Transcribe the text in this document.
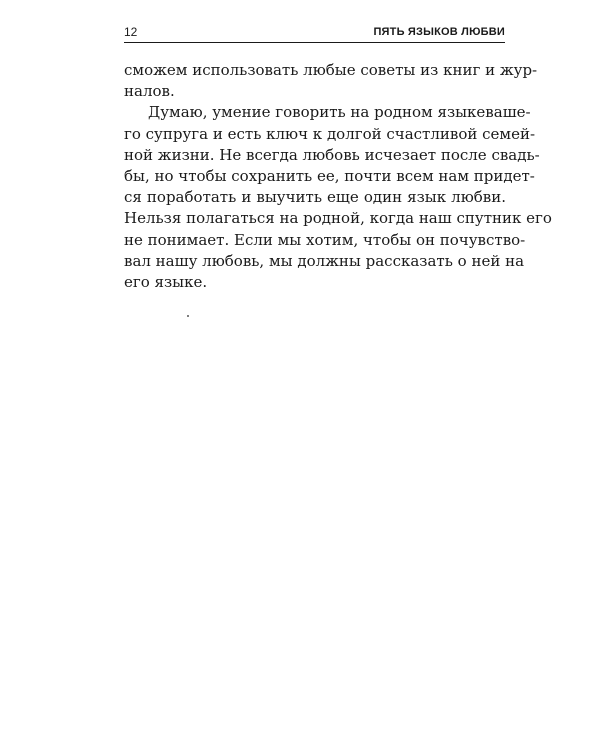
12	ПЯТЬ ЯЗЫКОВ ЛЮБВИ
сможем использовать любые советы из книг и жур-
налов.
Думаю, умение говорить на родном языкеваше-
го супруга и есть ключ к долгой счастливой семей-
ной жизни. Не всегда любовь исчезает после свадь-
бы, но чтобы сохранить ее, почти всем нам придет-
ся поработать и выучить еще один язык любви.
Нельзя полагаться на родной, когда наш спутник его
не понимает. Если мы хотим, чтобы он почувство-
вал нашу любовь, мы должны рассказать о ней на
его языке.
